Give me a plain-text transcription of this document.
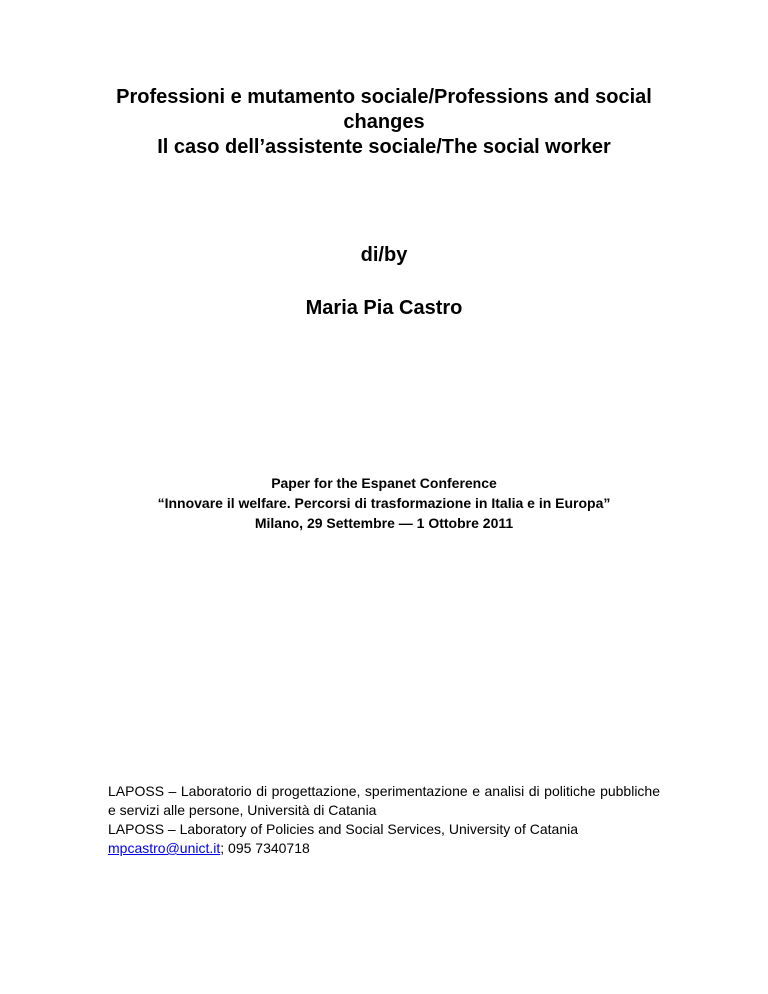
Professioni e mutamento sociale/Professions and social
changes
Il caso dell’assistente sociale/The social worker
di/by
Maria Pia Castro
Paper for the Espanet Conference
“Innovare il welfare. Percorsi di trasformazione in Italia e in Europa”
Milano, 29 Settembre — 1 Ottobre 2011
LAPOSS – Laboratorio di progettazione, sperimentazione e analisi di politiche pubbliche e servizi alle persone, Università di Catania
LAPOSS – Laboratory of Policies and Social Services, University of Catania
mpcastro@unict.it; 095 7340718
